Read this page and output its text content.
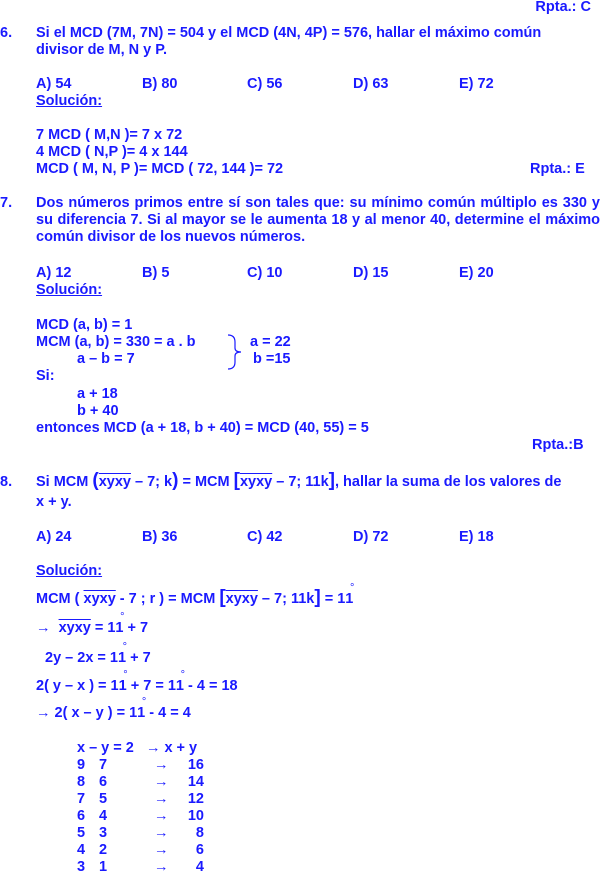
Rpta.: C
6. Si el MCD (7M, 7N) = 504 y el MCD (4N, 4P) = 576, hallar el máximo común
divisor de M, N y P.
A) 54	B) 80	C) 56	D) 63	E) 72
Solución:
7 MCD ( M,N )= 7 x 72
4 MCD ( N,P )= 4 x 144
MCD ( M, N, P )= MCD ( 72, 144 )= 72	Rpta.: E
7. Dos números primos entre sí son tales que: su mínimo común múltiplo es 330 y su diferencia 7. Si al mayor se le aumenta 18 y al menor 40, determine el máximo común divisor de los nuevos números.
A) 12	B) 5	C) 10	D) 15	E) 20
Solución:
MCD (a, b) = 1
MCM (a, b) = 330 = a . b
a – b = 7
a = 22
b =15
Si:
a + 18
b + 40
entonces MCD (a + 18, b + 40) = MCD (40, 55) = 5
Rpta.:B
8. Si MCM (xyxy – 7; k) = MCM [xyxy – 7; 11k], hallar la suma de los valores de
x + y.
A) 24	B) 36	C) 42	D) 72	E) 18
Solución:
MCM ( xyxy - 7 ; r ) = MCM [xyxy – 7; 11k] = 1° 1
→ xyxy = 1° 1 + 7
2y – 2x = 1° 1 + 7
2( y – x ) = 1° 1 + 7 = 1° 1 - 4 = 18
→ 2( x – y ) = 1° 1 - 4 = 4
x – y = 2 → x + y
9 7	→	16
8 6	→	14
7 5	→	12
6 4	→	10
5 3	→	8
4 2	→	6
3 1	→	4
